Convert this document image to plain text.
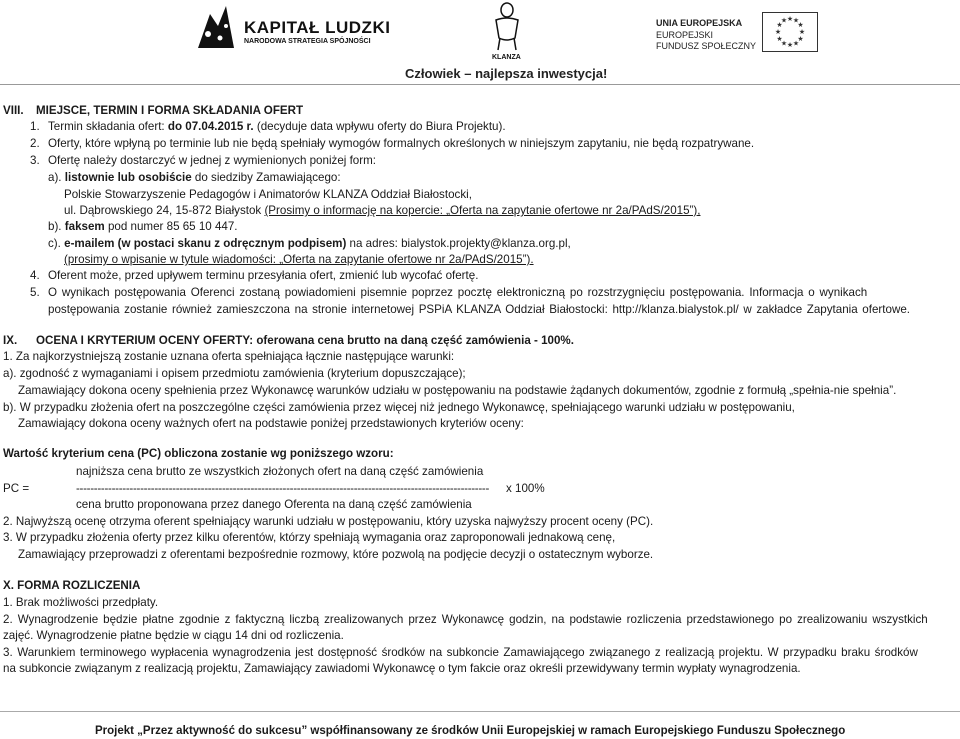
KAPITAŁ LUDZKI
NARODOWA STRATEGIA SPÓJNOŚCI
KLANZA
UNIA EUROPEJSKA
EUROPEJSKI
FUNDUSZ SPOŁECZNY
★ ★
★
★
★
★
★
★
★
★
★
★
Człowiek – najlepsza inwestycja!
VIII. MIEJSCE, TERMIN I FORMA SKŁADANIA OFERT
1. Termin składania ofert: do 07.04.2015 r. (decyduje data wpływu oferty do Biura Projektu).
2. Oferty, które wpłyną po terminie lub nie będą spełniały wymogów formalnych określonych w niniejszym zapytaniu, nie będą rozpatrywane.
3. Ofertę należy dostarczyć w jednej z wymienionych poniżej form:
a). listownie lub osobiście do siedziby Zamawiającego:
Polskie Stowarzyszenie Pedagogów i Animatorów KLANZA Oddział Białostocki,
ul. Dąbrowskiego 24, 15-872 Białystok (Prosimy o informację na kopercie: „Oferta na zapytanie ofertowe nr 2a/PAdS/2015”),
b). faksem pod numer 85 65 10 447.
c). e-mailem (w postaci skanu z odręcznym podpisem) na adres: bialystok.projekty@klanza.org.pl,
(prosimy o wpisanie w tytule wiadomości: „Oferta na zapytanie ofertowe nr 2a/PAdS/2015”).
4. Oferent może, przed upływem terminu przesyłania ofert, zmienić lub wycofać ofertę.
5. O wynikach postępowania Oferenci zostaną powiadomieni pisemnie poprzez pocztę elektroniczną po rozstrzygnięciu postępowania. Informacja o wynikach
postępowania zostanie również zamieszczona na stronie internetowej PSPiA KLANZA Oddział Białostocki: http://klanza.bialystok.pl/ w zakładce Zapytania ofertowe.
IX. OCENA I KRYTERIUM OCENY OFERTY: oferowana cena brutto na daną część zamówienia - 100%.
1. Za najkorzystniejszą zostanie uznana oferta spełniająca łącznie następujące warunki:
a). zgodność z wymaganiami i opisem przedmiotu zamówienia (kryterium dopuszczające);
Zamawiający dokona oceny spełnienia przez Wykonawcę warunków udziału w postępowaniu na podstawie żądanych dokumentów, zgodnie z formułą „spełnia-nie spełnia”.
b). W przypadku złożenia ofert na poszczególne części zamówienia przez więcej niż jednego Wykonawcę, spełniającego warunki udziału w postępowaniu,
Zamawiający dokona oceny ważnych ofert na podstawie poniżej przedstawionych kryteriów oceny:
Wartość kryterium cena (PC) obliczona zostanie wg poniższego wzoru:
najniższa cena brutto ze wszystkich złożonych ofert na daną część zamówienia
PC =	-------------------------------------------------------------------------------------------------------------------- x 100%
cena brutto proponowana przez danego Oferenta na daną część zamówienia
2. Najwyższą ocenę otrzyma oferent spełniający warunki udziału w postępowaniu, który uzyska najwyższy procent oceny (PC).
3. W przypadku złożenia oferty przez kilku oferentów, którzy spełniają wymagania oraz zaproponowali jednakową cenę,
Zamawiający przeprowadzi z oferentami bezpośrednie rozmowy, które pozwolą na podjęcie decyzji o ostatecznym wyborze.
X. FORMA ROZLICZENIA
1. Brak możliwości przedpłaty.
2. Wynagrodzenie będzie płatne zgodnie z faktyczną liczbą zrealizowanych przez Wykonawcę godzin, na podstawie rozliczenia przedstawionego po zrealizowaniu wszystkich
zajęć. Wynagrodzenie płatne będzie w ciągu 14 dni od rozliczenia.
3. Warunkiem terminowego wypłacenia wynagrodzenia jest dostępność środków na subkoncie Zamawiającego związanego z realizacją projektu. W przypadku braku środków
na subkoncie związanym z realizacją projektu, Zamawiający zawiadomi Wykonawcę o tym fakcie oraz określi przewidywany termin wypłaty wynagrodzenia.
Projekt „Przez aktywność do sukcesu” współfinansowany ze środków Unii Europejskiej w ramach Europejskiego Funduszu Społecznego
